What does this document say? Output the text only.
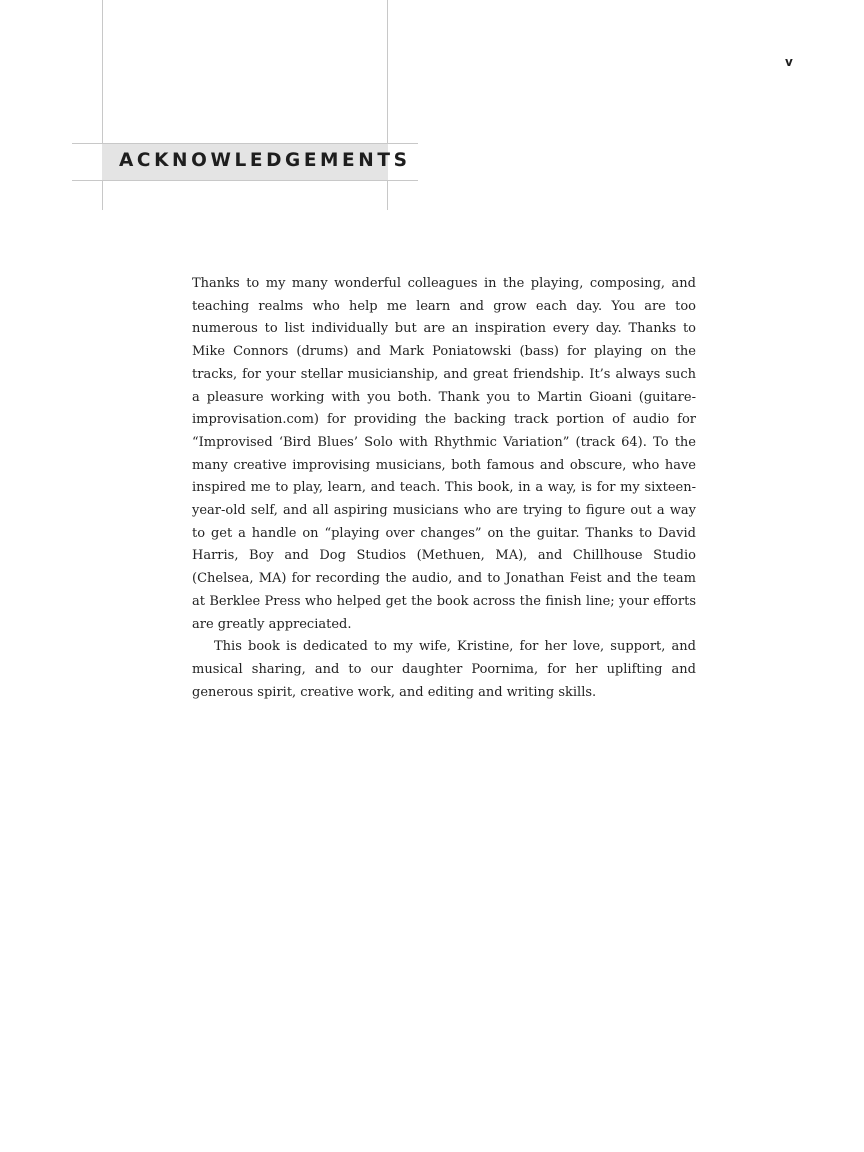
ACKNOWLEDGEMENTS
v

Thanks to my many wonderful colleagues in the playing, composing, and teaching realms who help me learn and grow each day. You are too numerous to list individually but are an inspiration every day. Thanks to Mike Connors (drums) and Mark Poniatowski (bass) for playing on the tracks, for your stellar musicianship, and great friendship. It’s always such a pleasure working with you both. Thank you to Martin Gioani (guitare-improvisation.com) for providing the backing track portion of audio for “Improvised ‘Bird Blues’ Solo with Rhythmic Variation” (track 64). To the many creative improvising musicians, both famous and obscure, who have inspired me to play, learn, and teach. This book, in a way, is for my sixteen-year-old self, and all aspiring musicians who are trying to figure out a way to get a handle on “playing over changes” on the guitar. Thanks to David Harris, Boy and Dog Studios (Methuen, MA), and Chillhouse Studio (Chelsea, MA) for recording the audio, and to Jonathan Feist and the team at Berklee Press who helped get the book across the finish line; your efforts are greatly appreciated.

This book is dedicated to my wife, Kristine, for her love, support, and musical sharing, and to our daughter Poornima, for her uplifting and generous spirit, creative work, and editing and writing skills.
